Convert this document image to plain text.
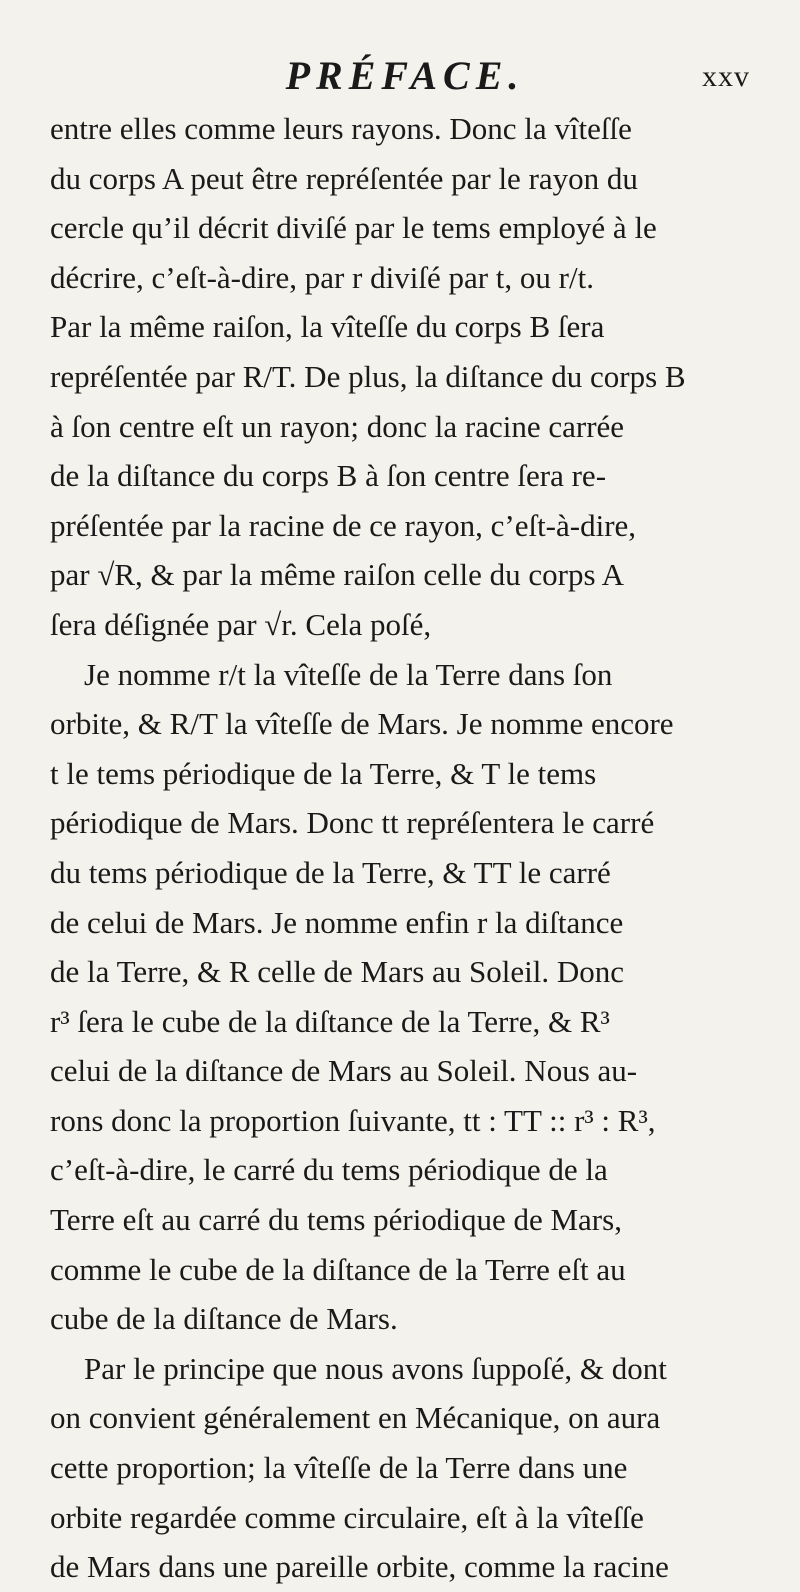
PRÉFACE.	xxv
entre elles comme leurs rayons. Donc la vîteſſe
du corps A peut être repréſentée par le rayon du
cercle qu’il décrit diviſé par le tems employé à le
décrire, c’eſt-à-dire, par r diviſé par t, ou r/t.
Par la même raiſon, la vîteſſe du corps B ſera
repréſentée par R/T. De plus, la diſtance du corps B
à ſon centre eſt un rayon; donc la racine carrée
de la diſtance du corps B à ſon centre ſera re-
préſentée par la racine de ce rayon, c’eſt-à-dire,
par √R, & par la même raiſon celle du corps A
ſera déſignée par √r. Cela poſé,
Je nomme r/t la vîteſſe de la Terre dans ſon
orbite, & R/T la vîteſſe de Mars. Je nomme encore
t le tems périodique de la Terre, & T le tems
périodique de Mars. Donc tt repréſentera le carré
du tems périodique de la Terre, & TT le carré
de celui de Mars. Je nomme enfin r la diſtance
de la Terre, & R celle de Mars au Soleil. Donc
r³ ſera le cube de la diſtance de la Terre, & R³
celui de la diſtance de Mars au Soleil. Nous au-
rons donc la proportion ſuivante, tt : TT :: r³ : R³,
c’eſt-à-dire, le carré du tems périodique de la
Terre eſt au carré du tems périodique de Mars,
comme le cube de la diſtance de la Terre eſt au
cube de la diſtance de Mars.
Par le principe que nous avons ſuppoſé, & dont
on convient généralement en Mécanique, on aura
cette proportion; la vîteſſe de la Terre dans une
orbite regardée comme circulaire, eſt à la vîteſſe
de Mars dans une pareille orbite, comme la racine
